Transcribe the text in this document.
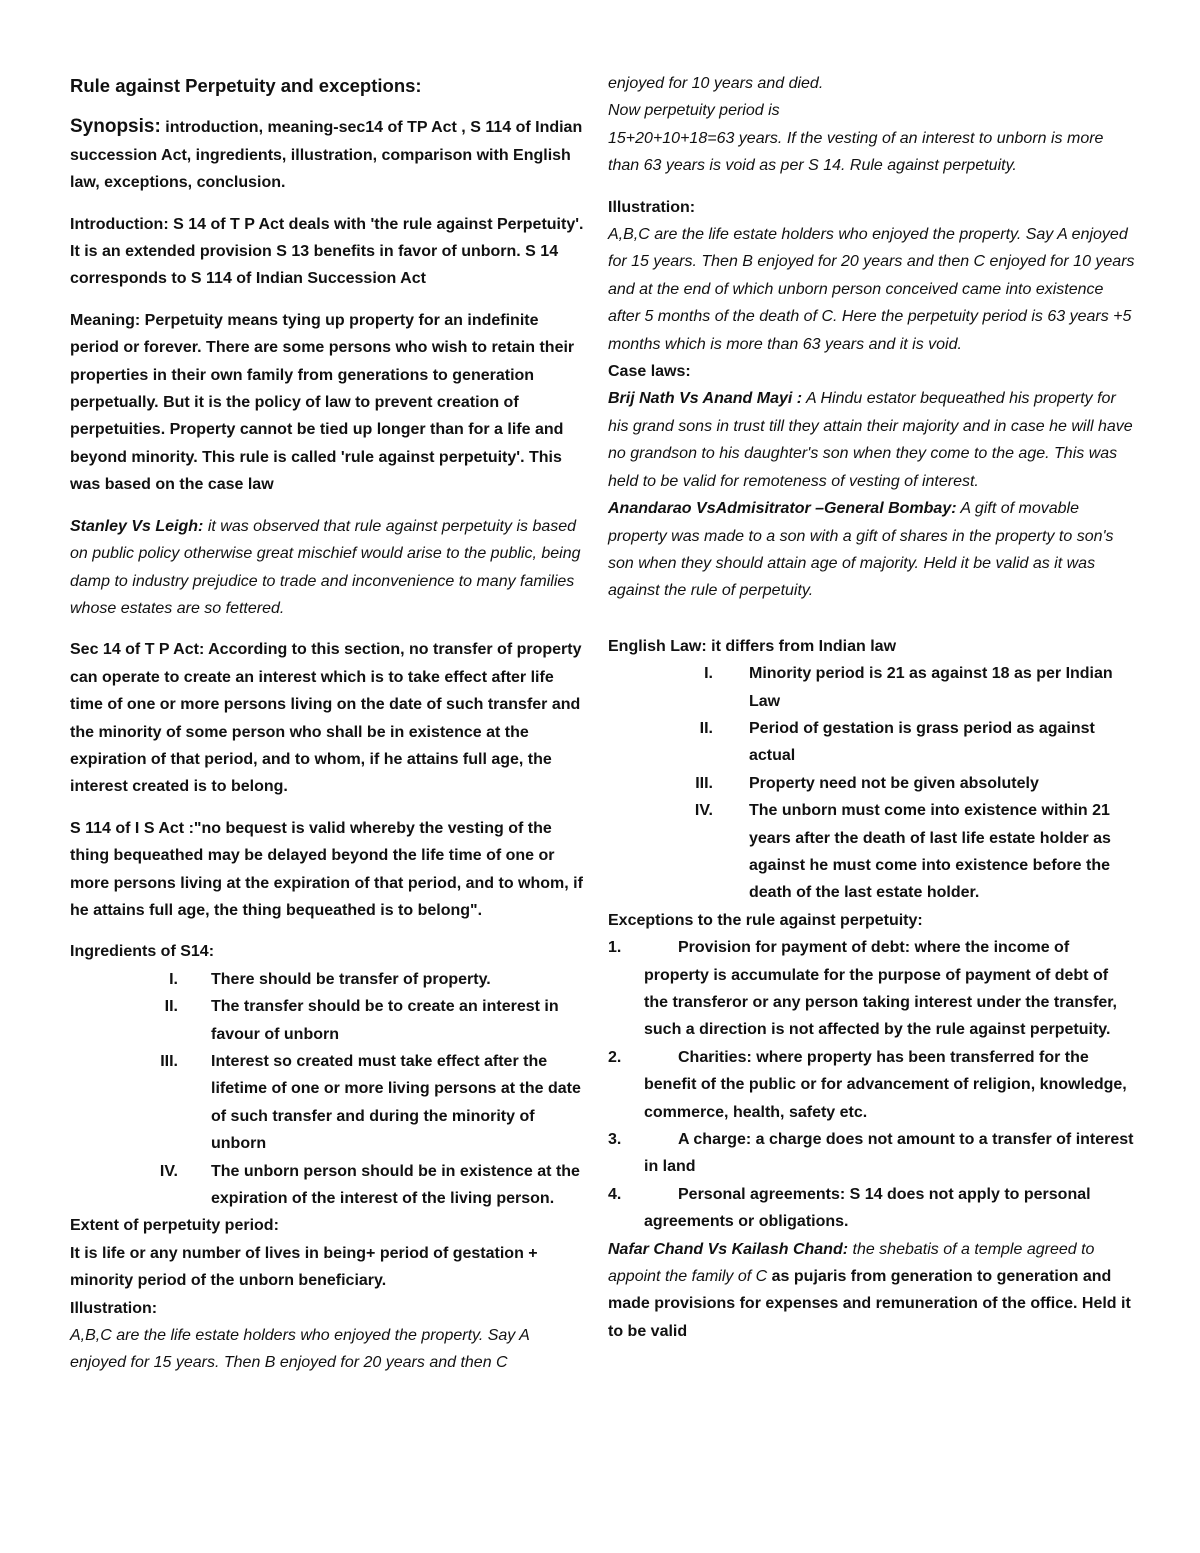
Rule against Perpetuity and exceptions:

Synopsis: introduction, meaning-sec14 of TP Act , S 114 of Indian succession Act, ingredients, illustration, comparison with English law, exceptions, conclusion.

Introduction: S 14 of T P Act deals with 'the rule against Perpetuity'. It is an extended provision S 13 benefits in favor of unborn. S 14 corresponds to S 114 of Indian Succession Act

Meaning: Perpetuity means tying up property for an indefinite period or forever. There are some persons who wish to retain their properties in their own family from generations to generation perpetually. But it is the policy of law to prevent creation of perpetuities. Property cannot be tied up longer than for a life and beyond minority. This rule is called 'rule against perpetuity'. This was based on the case law

Stanley Vs Leigh: it was observed that rule against perpetuity is based on public policy otherwise great mischief would arise to the public, being damp to industry prejudice to trade and inconvenience to many families whose estates are so fettered.

Sec 14 of T P Act: According to this section, no transfer of property can operate to create an interest which is to take effect after life time of one or more persons living on the date of such transfer and the minority of some person who shall be in existence at the expiration of that period, and to whom, if he attains full age, the interest created is to belong.

S 114 of I S Act :"no bequest is valid whereby the vesting of the thing bequeathed may be delayed beyond the life time of one or more persons living at the expiration of that period, and to whom, if he attains full age, the thing bequeathed is to belong".

Ingredients of S14:

I. There should be transfer of property.
II. The transfer should be to create an interest in favour of unborn
III. Interest so created must take effect after the lifetime of one or more living persons at the date of such transfer and during the minority of unborn
IV. The unborn person should be in existence at the expiration of the interest of the living person.

Extent of perpetuity period:

It is life or any number of lives in being+ period of gestation + minority period of the unborn beneficiary.

Illustration:

A,B,C are the life estate holders who enjoyed the property. Say A enjoyed for 15 years. Then B enjoyed for 20 years and then C

enjoyed for 10 years and died.

Now perpetuity period is

15+20+10+18=63 years. If the vesting of an interest to unborn is more than 63 years is void as per S 14. Rule against perpetuity.

Illustration:

A,B,C are the life estate holders who enjoyed the property. Say A enjoyed for 15 years. Then B enjoyed for 20 years and then C enjoyed for 10 years and at the end of which unborn person conceived came into existence after 5 months of the death of C. Here the perpetuity period is 63 years +5 months which is more than 63 years and it is void.

Case laws:

Brij Nath Vs Anand Mayi : A Hindu estator bequeathed his property for his grand sons in trust till they attain their majority and in case he will have no grandson to his daughter's son when they come to the age. This was held to be valid for remoteness of vesting of interest.

Anandarao VsAdmisitrator –General Bombay: A gift of movable property was made to a son with a gift of shares in the property to son's son when they should attain age of majority. Held it be valid as it was against the rule of perpetuity.

English Law: it differs from Indian law

I. Minority period is 21 as against 18 as per Indian Law
II. Period of gestation is grass period as against actual
III. Property need not be given absolutely
IV. The unborn must come into existence within 21 years after the death of last life estate holder as against he must come into existence before the death of the last estate holder.

Exceptions to the rule against perpetuity:

1.	Provision for payment of debt: where the income of property is accumulate for the purpose of payment of debt of the transferor or any person taking interest under the transfer, such a direction is not affected by the rule against perpetuity.
2.	Charities: where property has been transferred for the benefit of the public or for advancement of religion, knowledge, commerce, health, safety etc.
3.	A charge: a charge does not amount to a transfer of interest in land
4.	Personal agreements: S 14 does not apply to personal agreements or obligations.

Nafar Chand Vs Kailash Chand: the shebatis of a temple agreed to appoint the family of C as pujaris from generation to generation and made provisions for expenses and remuneration of the office. Held it to be valid
